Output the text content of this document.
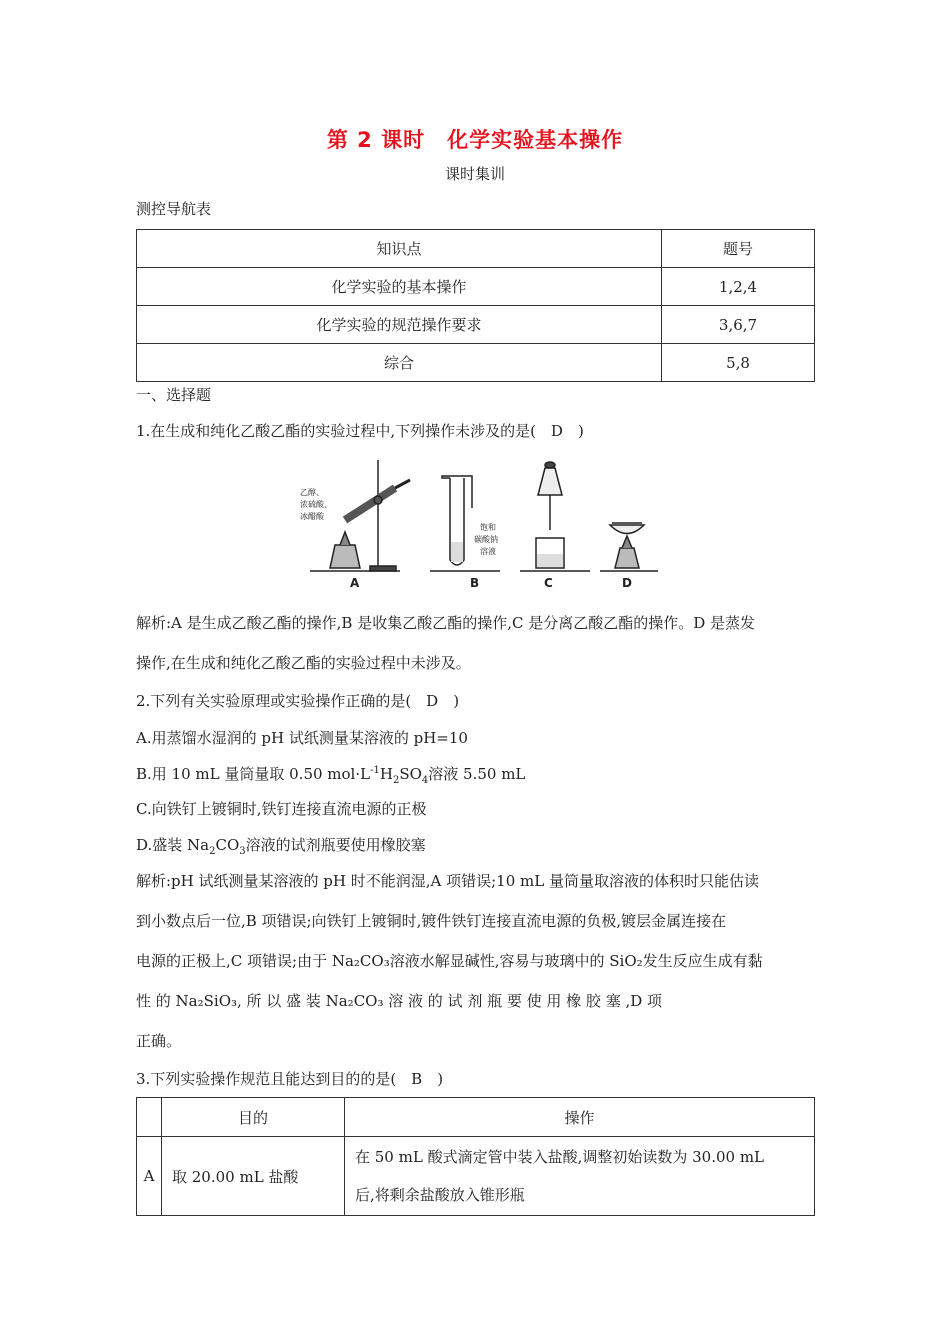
第 2 课时　化学实验基本操作
课时集训
测控导航表
知识点	题号
化学实验的基本操作	1,2,4
化学实验的规范操作要求	3,6,7
综合	5,8
一、选择题
1.在生成和纯化乙酸乙酯的实验过程中,下列操作未涉及的是(　D　)
乙醇、
浓硫酸、
冰醋酸
饱和
碳酸钠
溶液
A	B	C	D
解析:A 是生成乙酸乙酯的操作,B 是收集乙酸乙酯的操作,C 是分离乙酸乙酯的操作。D 是蒸发
操作,在生成和纯化乙酸乙酯的实验过程中未涉及。
2.下列有关实验原理或实验操作正确的是(　D　)
A.用蒸馏水湿润的 pH 试纸测量某溶液的 pH=10
B.用 10 mL 量筒量取 0.50 $mol\cdot L^{-1}H_2SO_4$溶液 5.50 mL
C.向铁钉上镀铜时,铁钉连接直流电源的正极
D.盛装 $Na_2CO_3$溶液的试剂瓶要使用橡胶塞
解析:pH 试纸测量某溶液的 pH 时不能润湿,A 项错误;10 mL 量筒量取溶液的体积时只能估读
到小数点后一位,B 项错误;向铁钉上镀铜时,镀件铁钉连接直流电源的负极,镀层金属连接在
电源的正极上,C 项错误;由于 Na₂CO₃溶液水解显碱性,容易与玻璃中的 SiO₂发生反应生成有黏
性 的 Na₂SiO₃, 所 以 盛 装 Na₂CO₃ 溶 液 的 试 剂 瓶 要 使 用 橡 胶 塞 ,D 项
正确。
3.下列实验操作规范且能达到目的的是(　B　)
	目的	操作
A	取 20.00 mL 盐酸	在 50 mL 酸式滴定管中装入盐酸,调整初始读数为 30.00 mL
后,将剩余盐酸放入锥形瓶
